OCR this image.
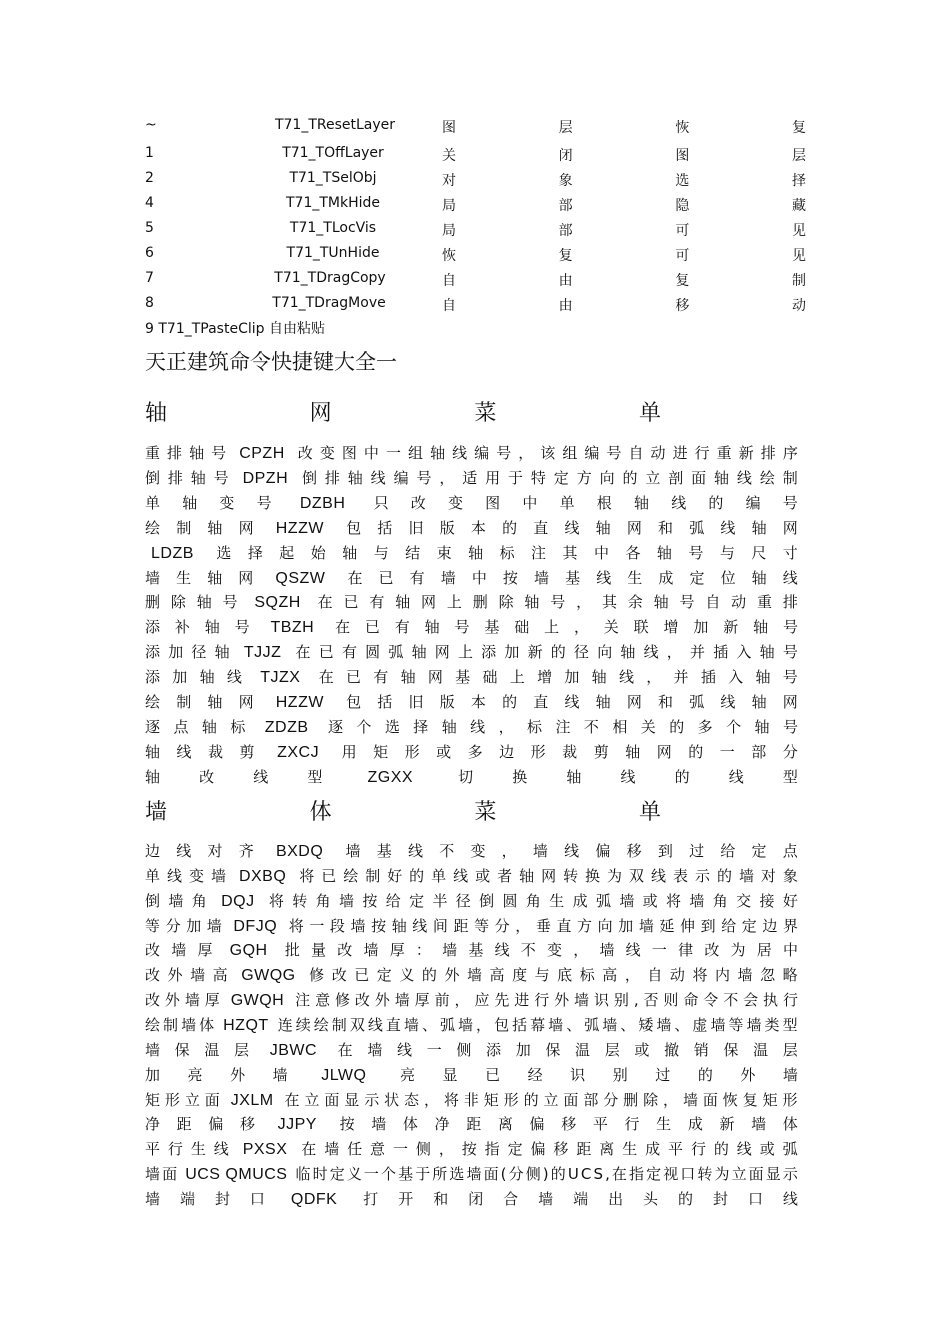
~	T71_TResetLayer	图	层	恢	复
1	T71_TOffLayer	关	闭	图	层
2	T71_TSelObj	对	象	选	择
4	T71_TMkHide	局	部	隐	藏
5	T71_TLocVis	局	部	可	见
6	T71_TUnHide	恢	复	可	见
7	T71_TDragCopy	自	由	复	制
8	T71_TDragMove	自	由	移	动
9 T71_TPasteClip 自由粘贴
天正建筑命令快捷键大全一
轴	网	菜	单
重 排 轴 号 CPZH 改 变 图 中 一 组 轴 线 编 号 ， 该 组 编 号 自 动 进 行 重 新 排 序
倒 排 轴 号 DPZH 倒 排 轴 线 编 号 ， 适 用 于 特 定 方 向 的 立 剖 面 轴 线 绘 制
单 轴 变 号	DZBH	只 改 变 图 中 单 根 轴 线 的 编 号
绘 制 轴 网	HZZW	包 括 旧 版 本 的 直 线 轴 网 和 弧 线 轴 网
LDZB	选 择 起 始 轴 与 结 束 轴 标 注 其 中 各 轴 号 与 尺 寸
墙 生 轴 网	QSZW	在 已 有 墙 中 按 墙 基 线 生 成 定 位 轴 线
删 除 轴 号	SQZH	在 已 有 轴 网 上 删 除 轴 号 ， 其 余 轴 号 自 动 重 排
添 补 轴 号	TBZH	在 已 有 轴 号 基 础 上 ， 关 联 增 加 新 轴 号
添 加 径 轴 TJJZ 在 已 有 圆 弧 轴 网 上 添 加 新 的 径 向 轴 线 ， 并 插 入 轴 号
添 加 轴 线	TJZX	在 已 有 轴 网 基 础 上 增 加 轴 线 ， 并 插 入 轴 号
绘 制 轴 网	HZZW	包 括 旧 版 本 的 直 线 轴 网 和 弧 线 轴 网
逐 点 轴 标	ZDZB	逐 个 选 择 轴 线 ， 标 注 不 相 关 的 多 个 轴 号
轴 线 裁 剪	ZXCJ	用 矩 形 或 多 边 形 裁 剪 轴 网 的 一 部 分
轴	改	线	型	ZGXX	切	换	轴	线	的	线	型
墙	体	菜	单
边 线 对 齐	BXDQ	墙 基 线 不 变 ， 墙 线 偏 移 到 过 给 定 点
单 线 变 墙 DXBQ 将 已 绘 制 好 的 单 线 或 者 轴 网 转 换 为 双 线 表 示 的 墙 对 象
倒 墙 角 DQJ 将 转 角 墙 按 给 定 半 径 倒 圆 角 生 成 弧 墙 或 将 墙 角 交 接 好
等 分 加 墙 DFJQ 将 一 段 墙 按 轴 线 间 距 等 分 ， 垂 直 方 向 加 墙 延 伸 到 给 定 边 界
改 墙 厚	GQH	批 量 改 墙 厚 ： 墙 基 线 不 变 ， 墙 线 一 律 改 为 居 中
改 外 墙 高 GWQG 修 改 已 定 义 的 外 墙 高 度 与 底 标 高 ， 自 动 将 内 墙 忽 略
改 外 墙 厚 GWQH 注 意 修 改 外 墙 厚 前 ， 应 先 进 行 外 墙 识 别 , 否 则 命 令 不 会 执 行
绘 制 墙 体 HZQT 连 续 绘 制 双 线 直 墙 、 弧 墙 ， 包 括 幕 墙 、 弧 墙 、 矮 墙 、 虚 墙 等 墙 类 型
墙 保 温 层	JBWC	在 墙 线 一 侧 添 加 保 温 层 或 撤 销 保 温 层
加 亮 外 墙	JLWQ	亮 显 已 经 识 别 过 的 外 墙
矩 形 立 面 JXLM 在 立 面 显 示 状 态 ， 将 非 矩 形 的 立 面 部 分 删 除 ， 墙 面 恢 复 矩 形
净 距 偏 移	JJPY	按 墙 体 净 距 离 偏 移 平 行 生 成 新 墙 体
平 行 生 线 PXSX 在 墙 任 意 一 侧 ， 按 指 定 偏 移 距 离 生 成 平 行 的 线 或 弧
墙 面 UCS QMUCS 临 时 定 义 一 个 基 于 所 选 墙 面 ( 分 侧 ) 的 U C S , 在 指 定 视 口 转 为 立 面 显 示
墙 端 封 口	QDFK	打 开 和 闭 合 墙 端 出 头 的 封 口 线
